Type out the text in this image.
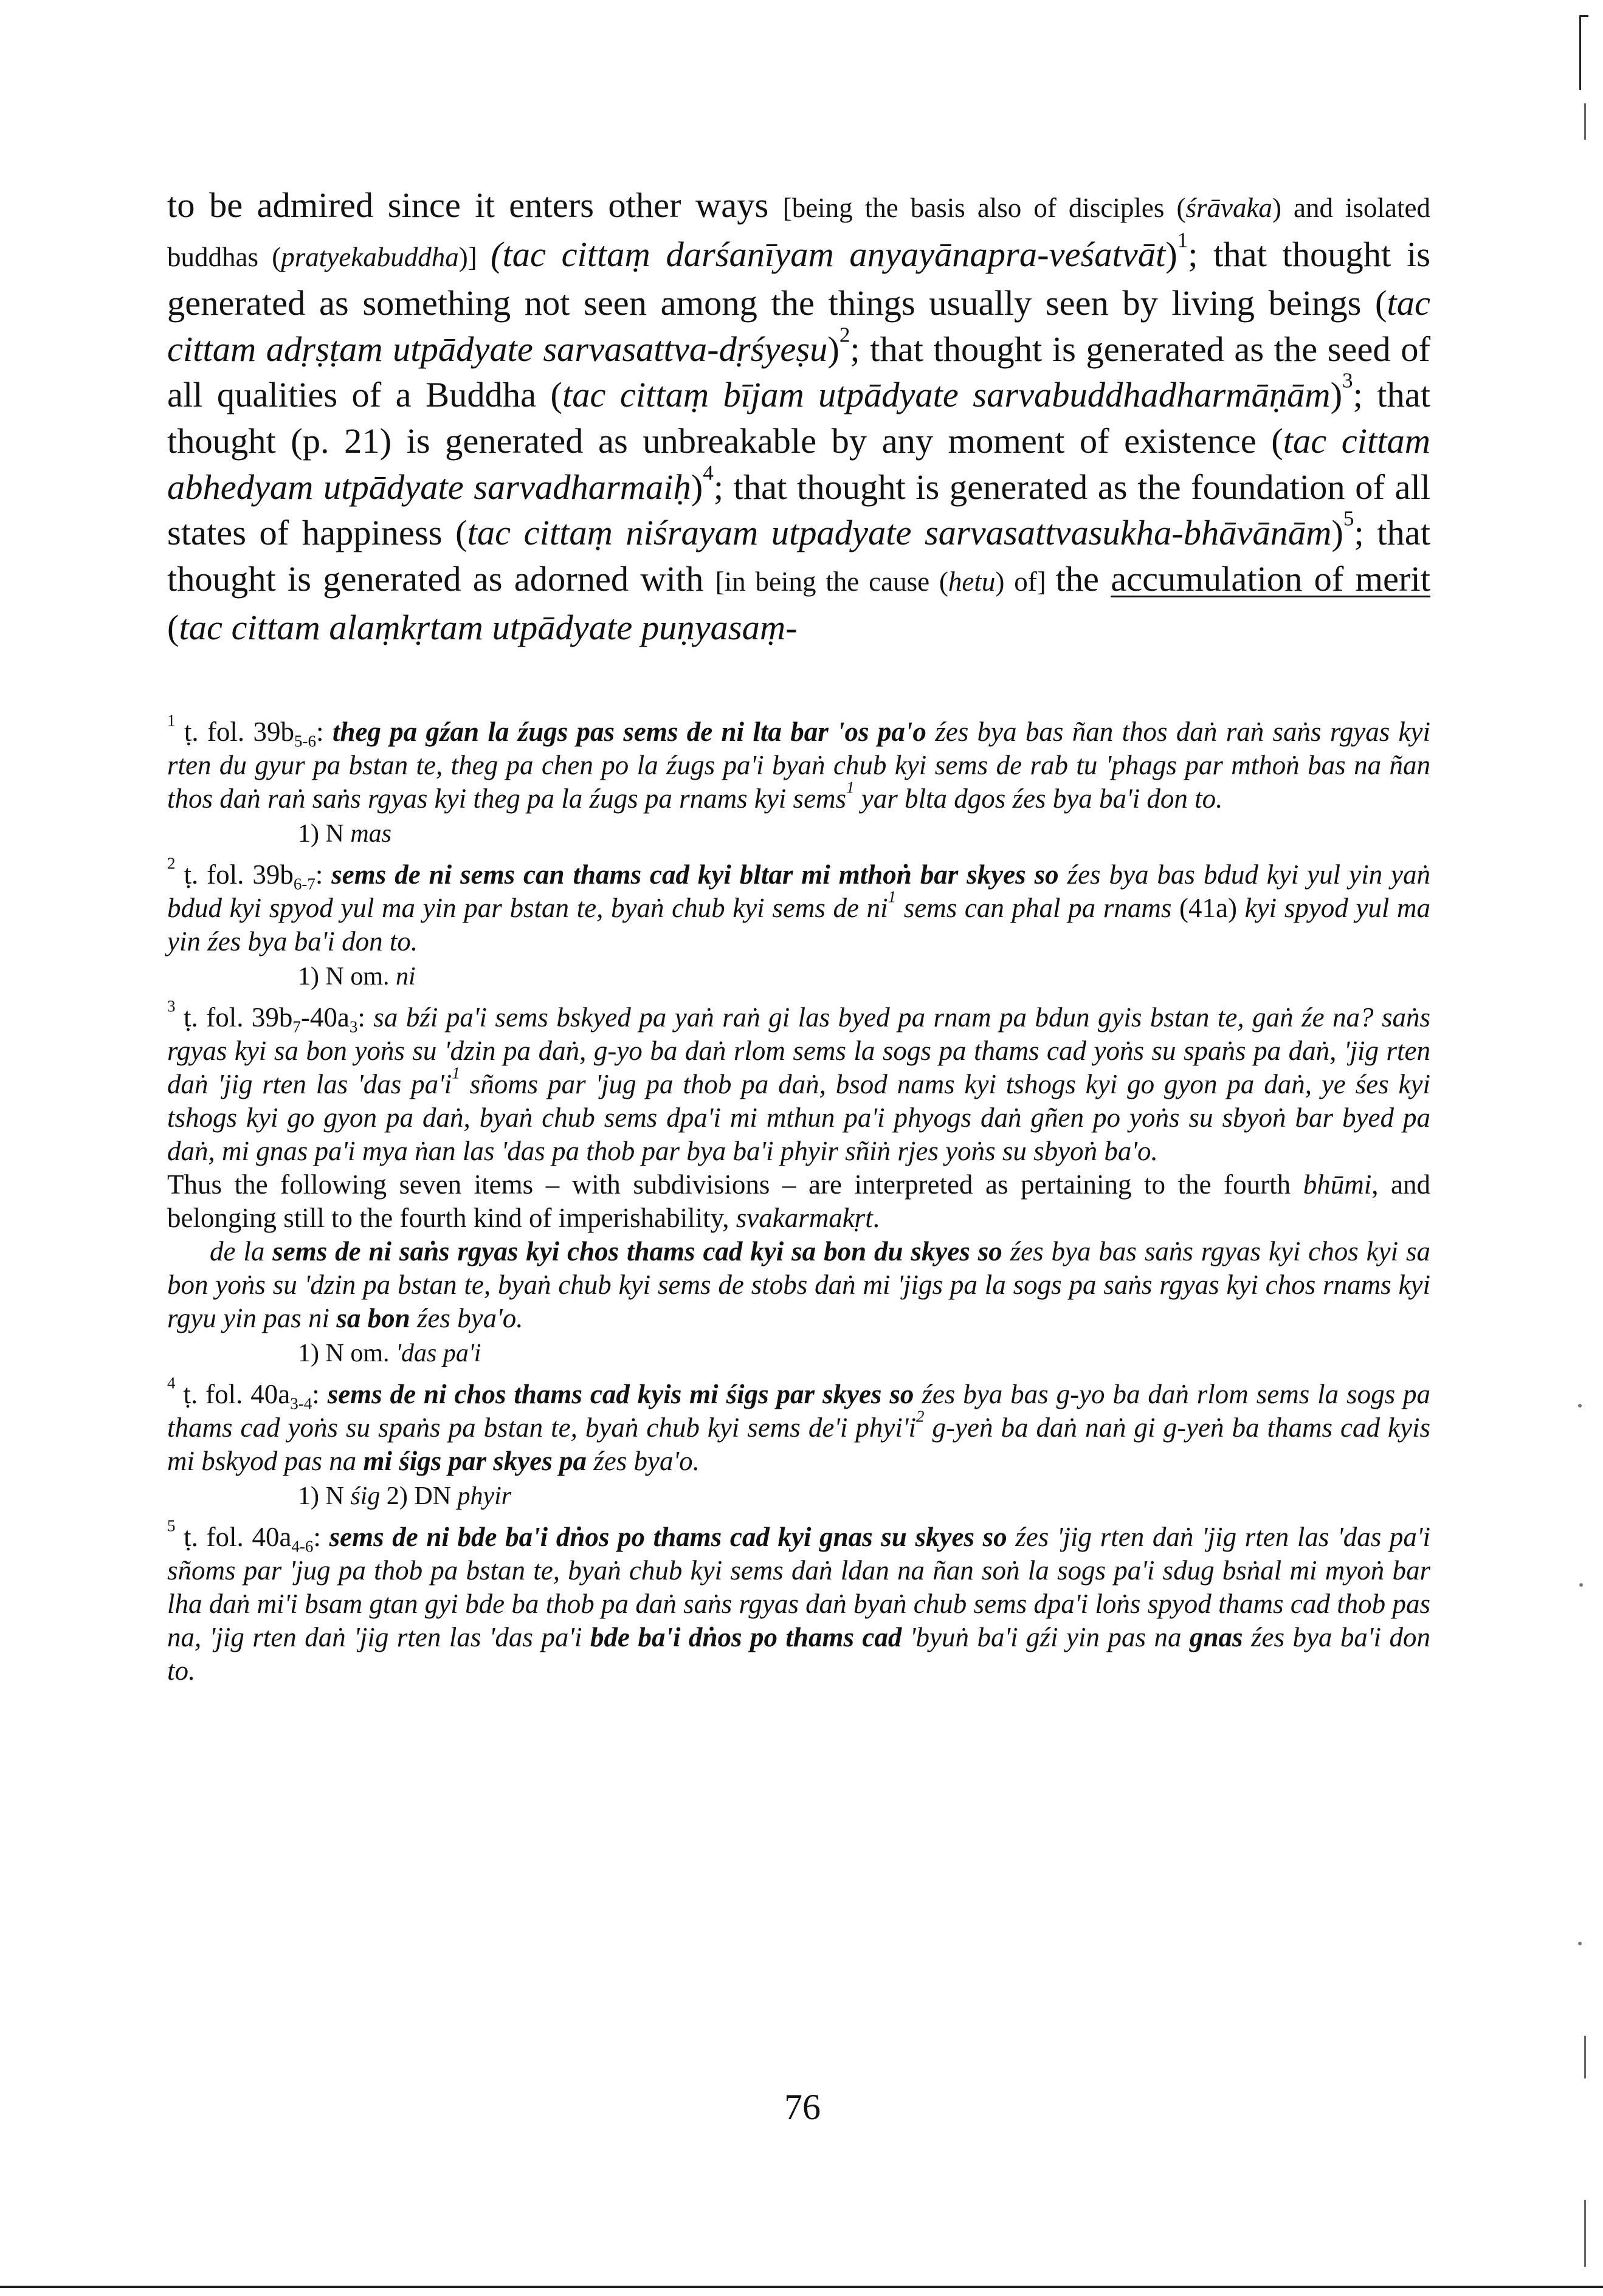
to be admired since it enters other ways [being the basis also of disciples (śrāvaka) and isolated buddhas (pratyekabuddha)] (tac cittaṃ darśanīyam anyayānapra-veśatvāt)$^1$; that thought is generated as something not seen among the things usually seen by living beings (tac cittam adṛṣṭam utpādyate sarvasattva-dṛśyeṣu)$^2$; that thought is generated as the seed of all qualities of a Buddha (tac cittaṃ bījam utpādyate sarvabuddhadharmāṇām)$^3$; that thought (p. 21) is generated as unbreakable by any moment of existence (tac cittam abhedyam utpādyate sarvadharmaiḥ)$^4$; that thought is generated as the foundation of all states of happiness (tac cittaṃ niśrayam utpadyate sarvasattvasukha-bhāvānām)$^5$; that thought is generated as adorned with [in being the cause (hetu) of] the accumulation of merit (tac cittam alaṃkṛtam utpādyate puṇyasaṃ-

$^1$ ṭ. fol. $39b_{5-6}$: theg pa gźan la źugs pas sems de ni lta bar 'os pa'o źes bya bas ñan thos daṅ raṅ saṅs rgyas kyi rten du gyur pa bstan te, theg pa chen po la źugs pa'i byaṅ chub kyi sems de rab tu 'phags par mthoṅ bas na ñan thos daṅ raṅ saṅs rgyas kyi theg pa la źugs pa rnams kyi sems$^1$ yar blta dgos źes bya ba'i don to.

1) N mas

$^2$ ṭ. fol. $39b_{6-7}$: sems de ni sems can thams cad kyi bltar mi mthoṅ bar skyes so źes bya bas bdud kyi yul yin yaṅ bdud kyi spyod yul ma yin par bstan te, byaṅ chub kyi sems de $ni^1$ sems can phal pa rnams (41a) kyi spyod yul ma yin źes bya ba'i don to.

1) N om. ni

$^3$ ṭ. fol. $39b_7-40a_3$: sa bźi pa'i sems bskyed pa yaṅ raṅ gi las byed pa rnam pa bdun gyis bstan te, gaṅ źe na? saṅs rgyas kyi sa bon yoṅs su 'dzin pa daṅ, g-yo ba daṅ rlom sems la sogs pa thams cad yoṅs su spaṅs pa daṅ, 'jig rten daṅ 'jig rten las 'das $pa'i^1$ sñoms par 'jug pa thob pa daṅ, bsod nams kyi tshogs kyi go gyon pa daṅ, ye śes kyi tshogs kyi go gyon pa daṅ, byaṅ chub sems dpa'i mi mthun pa'i phyogs daṅ gñen po yoṅs su sbyoṅ bar byed pa daṅ, mi gnas pa'i mya ṅan las 'das pa thob par bya ba'i phyir sñiṅ rjes yoṅs su sbyoṅ ba'o.

Thus the following seven items – with subdivisions – are interpreted as pertaining to the fourth bhūmi, and belonging still to the fourth kind of imperishability, svakarmakṛt.

de la sems de ni saṅs rgyas kyi chos thams cad kyi sa bon du skyes so źes bya bas saṅs rgyas kyi chos kyi sa bon yoṅs su 'dzin pa bstan te, byaṅ chub kyi sems de stobs daṅ mi 'jigs pa la sogs pa saṅs rgyas kyi chos rnams kyi rgyu yin pas ni sa bon źes bya'o.

1) N om. 'das pa'i

$^4$ ṭ. fol. $40a_{3-4}$: sems de ni chos thams cad kyis mi śigs par skyes so źes bya bas g-yo ba daṅ rlom sems la sogs pa thams cad yoṅs su spaṅs pa bstan te, byaṅ chub kyi sems de'i $phyi'i^2$ g-yeṅ ba daṅ naṅ gi g-yeṅ ba thams cad kyis mi bskyod pas na mi śigs par skyes pa źes bya'o.

1) N śig 2) DN phyir

$^5$ ṭ. fol. $40a_{4-6}$: sems de ni bde ba'i dṅos po thams cad kyi gnas su skyes so źes 'jig rten daṅ 'jig rten las 'das pa'i sñoms par 'jug pa thob pa bstan te, byaṅ chub kyi sems daṅ ldan na ñan soṅ la sogs pa'i sdug bsṅal mi myoṅ bar lha daṅ mi'i bsam gtan gyi bde ba thob pa daṅ saṅs rgyas daṅ byaṅ chub sems dpa'i loṅs spyod thams cad thob pas na, 'jig rten daṅ 'jig rten las 'das pa'i bde ba'i dṅos po thams cad 'byuṅ ba'i gźi yin pas na gnas źes bya ba'i don to.

76
